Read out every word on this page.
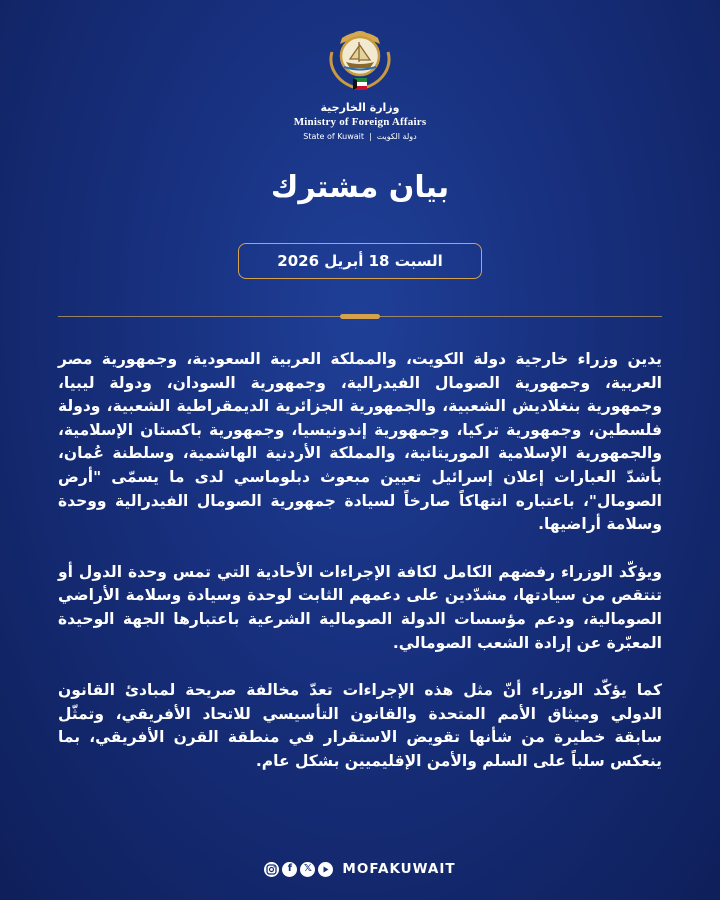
وزارة الخارجية
Ministry of Foreign Affairs
State of Kuwait | دولة الكويت
بيان مشترك
السبت 18 أبريل 2026

يدين وزراء خارجية دولة الكويت، والمملكة العربية السعودية، وجمهورية مصر العربية، وجمهورية الصومال الفيدرالية، وجمهورية السودان، ودولة ليبيا، وجمهورية بنغلاديش الشعبية، والجمهورية الجزائرية الديمقراطية الشعبية، ودولة فلسطين، وجمهورية تركيا، وجمهورية إندونيسيا، وجمهورية باكستان الإسلامية، والجمهورية الإسلامية الموريتانية، والمملكة الأردنية الهاشمية، وسلطنة عُمان، بأشدّ العبارات إعلان إسرائيل تعيين مبعوث دبلوماسي لدى ما يسمّى "أرض الصومال"، باعتباره انتهاكاً صارخاً لسيادة جمهورية الصومال الفيدرالية ووحدة وسلامة أراضيها.

ويؤكّد الوزراء رفضهم الكامل لكافة الإجراءات الأحادية التي تمس وحدة الدول أو تنتقص من سيادتها، مشدّدين على دعمهم الثابت لوحدة وسيادة وسلامة الأراضي الصومالية، ودعم مؤسسات الدولة الصومالية الشرعية باعتبارها الجهة الوحيدة المعبّرة عن إرادة الشعب الصومالي.

كما يؤكّد الوزراء أنّ مثل هذه الإجراءات تعدّ مخالفة صريحة لمبادئ القانون الدولي وميثاق الأمم المتحدة والقانون التأسيسي للاتحاد الأفريقي، وتمثّل سابقة خطيرة من شأنها تقويض الاستقرار في منطقة القرن الأفريقي، بما ينعكس سلباً على السلم والأمن الإقليميين بشكل عام.

f	𝕏 MOFAKUWAIT
